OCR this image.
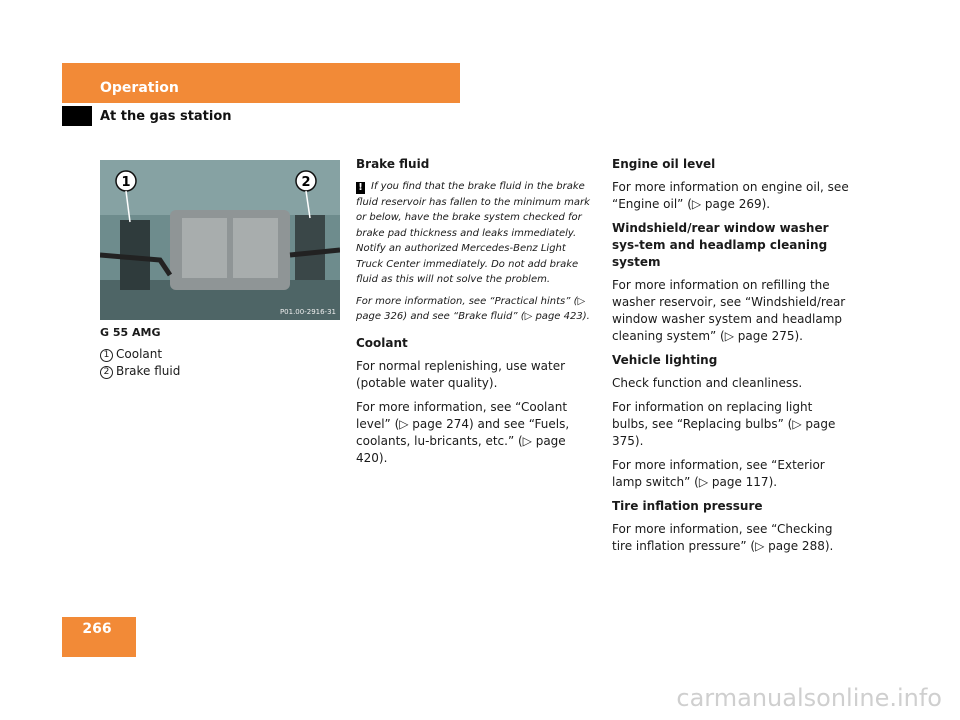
Operation
At the gas station
1	2
P01.00-2916-31
G 55 AMG
1 Coolant
2 Brake fluid
Brake fluid
! If you find that the brake fluid in the brake fluid reservoir has fallen to the minimum mark or below, have the brake system checked for brake pad thickness and leaks immediately. Notify an authorized Mercedes-Benz Light Truck Center immediately. Do not add brake fluid as this will not solve the problem.
For more information, see “Practical hints” (▷ page 326) and see “Brake fluid” (▷ page 423).
Coolant

For normal replenishing, use water (potable water quality).

For more information, see “Coolant level” (▷ page 274) and see “Fuels, coolants, lu-bricants, etc.” (▷ page 420).

Engine oil level

For more information on engine oil, see “Engine oil” (▷ page 269).

Windshield/rear window washer sys-tem and headlamp cleaning system

For more information on refilling the washer reservoir, see “Windshield/rear window washer system and headlamp cleaning system” (▷ page 275).

Vehicle lighting

Check function and cleanliness.

For information on replacing light bulbs, see “Replacing bulbs” (▷ page 375).

For more information, see “Exterior lamp switch” (▷ page 117).

Tire inflation pressure

For more information, see “Checking tire inflation pressure” (▷ page 288).

266
carmanualsonline.info
